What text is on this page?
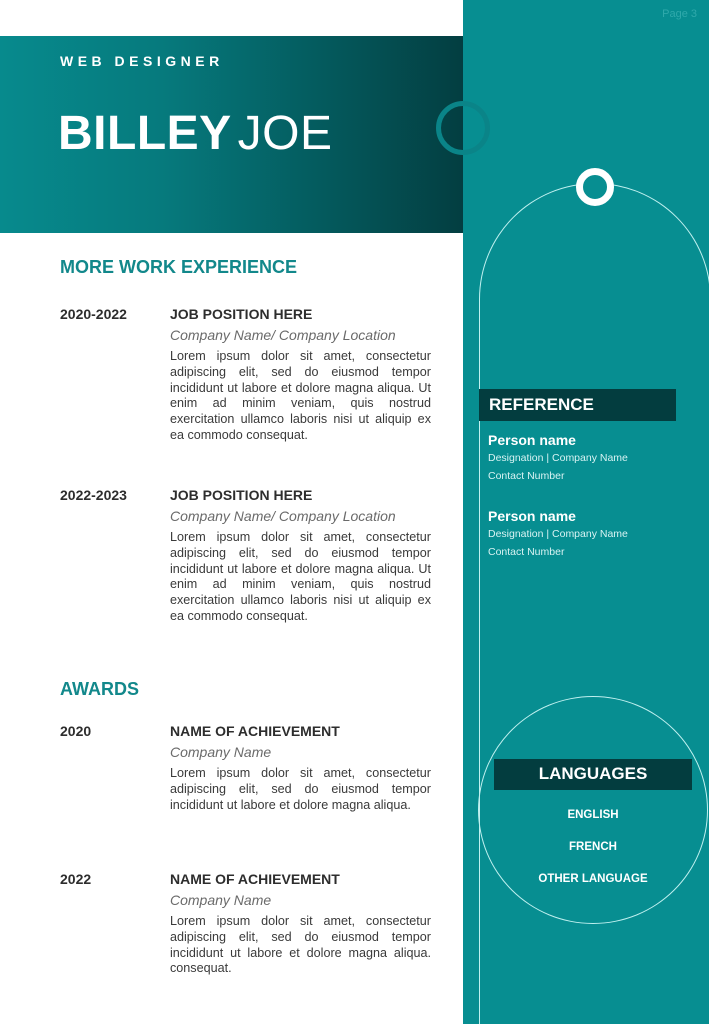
Page 3
WEB DESIGNER
BILLEY JOE
MORE WORK EXPERIENCE
2020-2022	JOB POSITION HERE
Company Name/ Company Location
Lorem ipsum dolor sit amet, consectetur adipiscing elit, sed do eiusmod tempor incididunt ut labore et dolore magna aliqua. Ut enim ad minim veniam, quis nostrud exercitation ullamco laboris nisi ut aliquip ex ea commodo consequat.
2022-2023	JOB POSITION HERE
Company Name/ Company Location
Lorem ipsum dolor sit amet, consectetur adipiscing elit, sed do eiusmod tempor incididunt ut labore et dolore magna aliqua. Ut enim ad minim veniam, quis nostrud exercitation ullamco laboris nisi ut aliquip ex ea commodo consequat.
AWARDS
2020	NAME OF ACHIEVEMENT
Company Name
Lorem ipsum dolor sit amet, consectetur adipiscing elit, sed do eiusmod tempor incididunt ut labore et dolore magna aliqua.
2022	NAME OF ACHIEVEMENT
Company Name
Lorem ipsum dolor sit amet, consectetur adipiscing elit, sed do eiusmod tempor incididunt ut labore et dolore magna aliqua. consequat.
REFERENCE
Person name
Designation | Company Name
Contact Number
Person name
Designation | Company Name
Contact Number
LANGUAGES
ENGLISH
FRENCH
OTHER LANGUAGE
